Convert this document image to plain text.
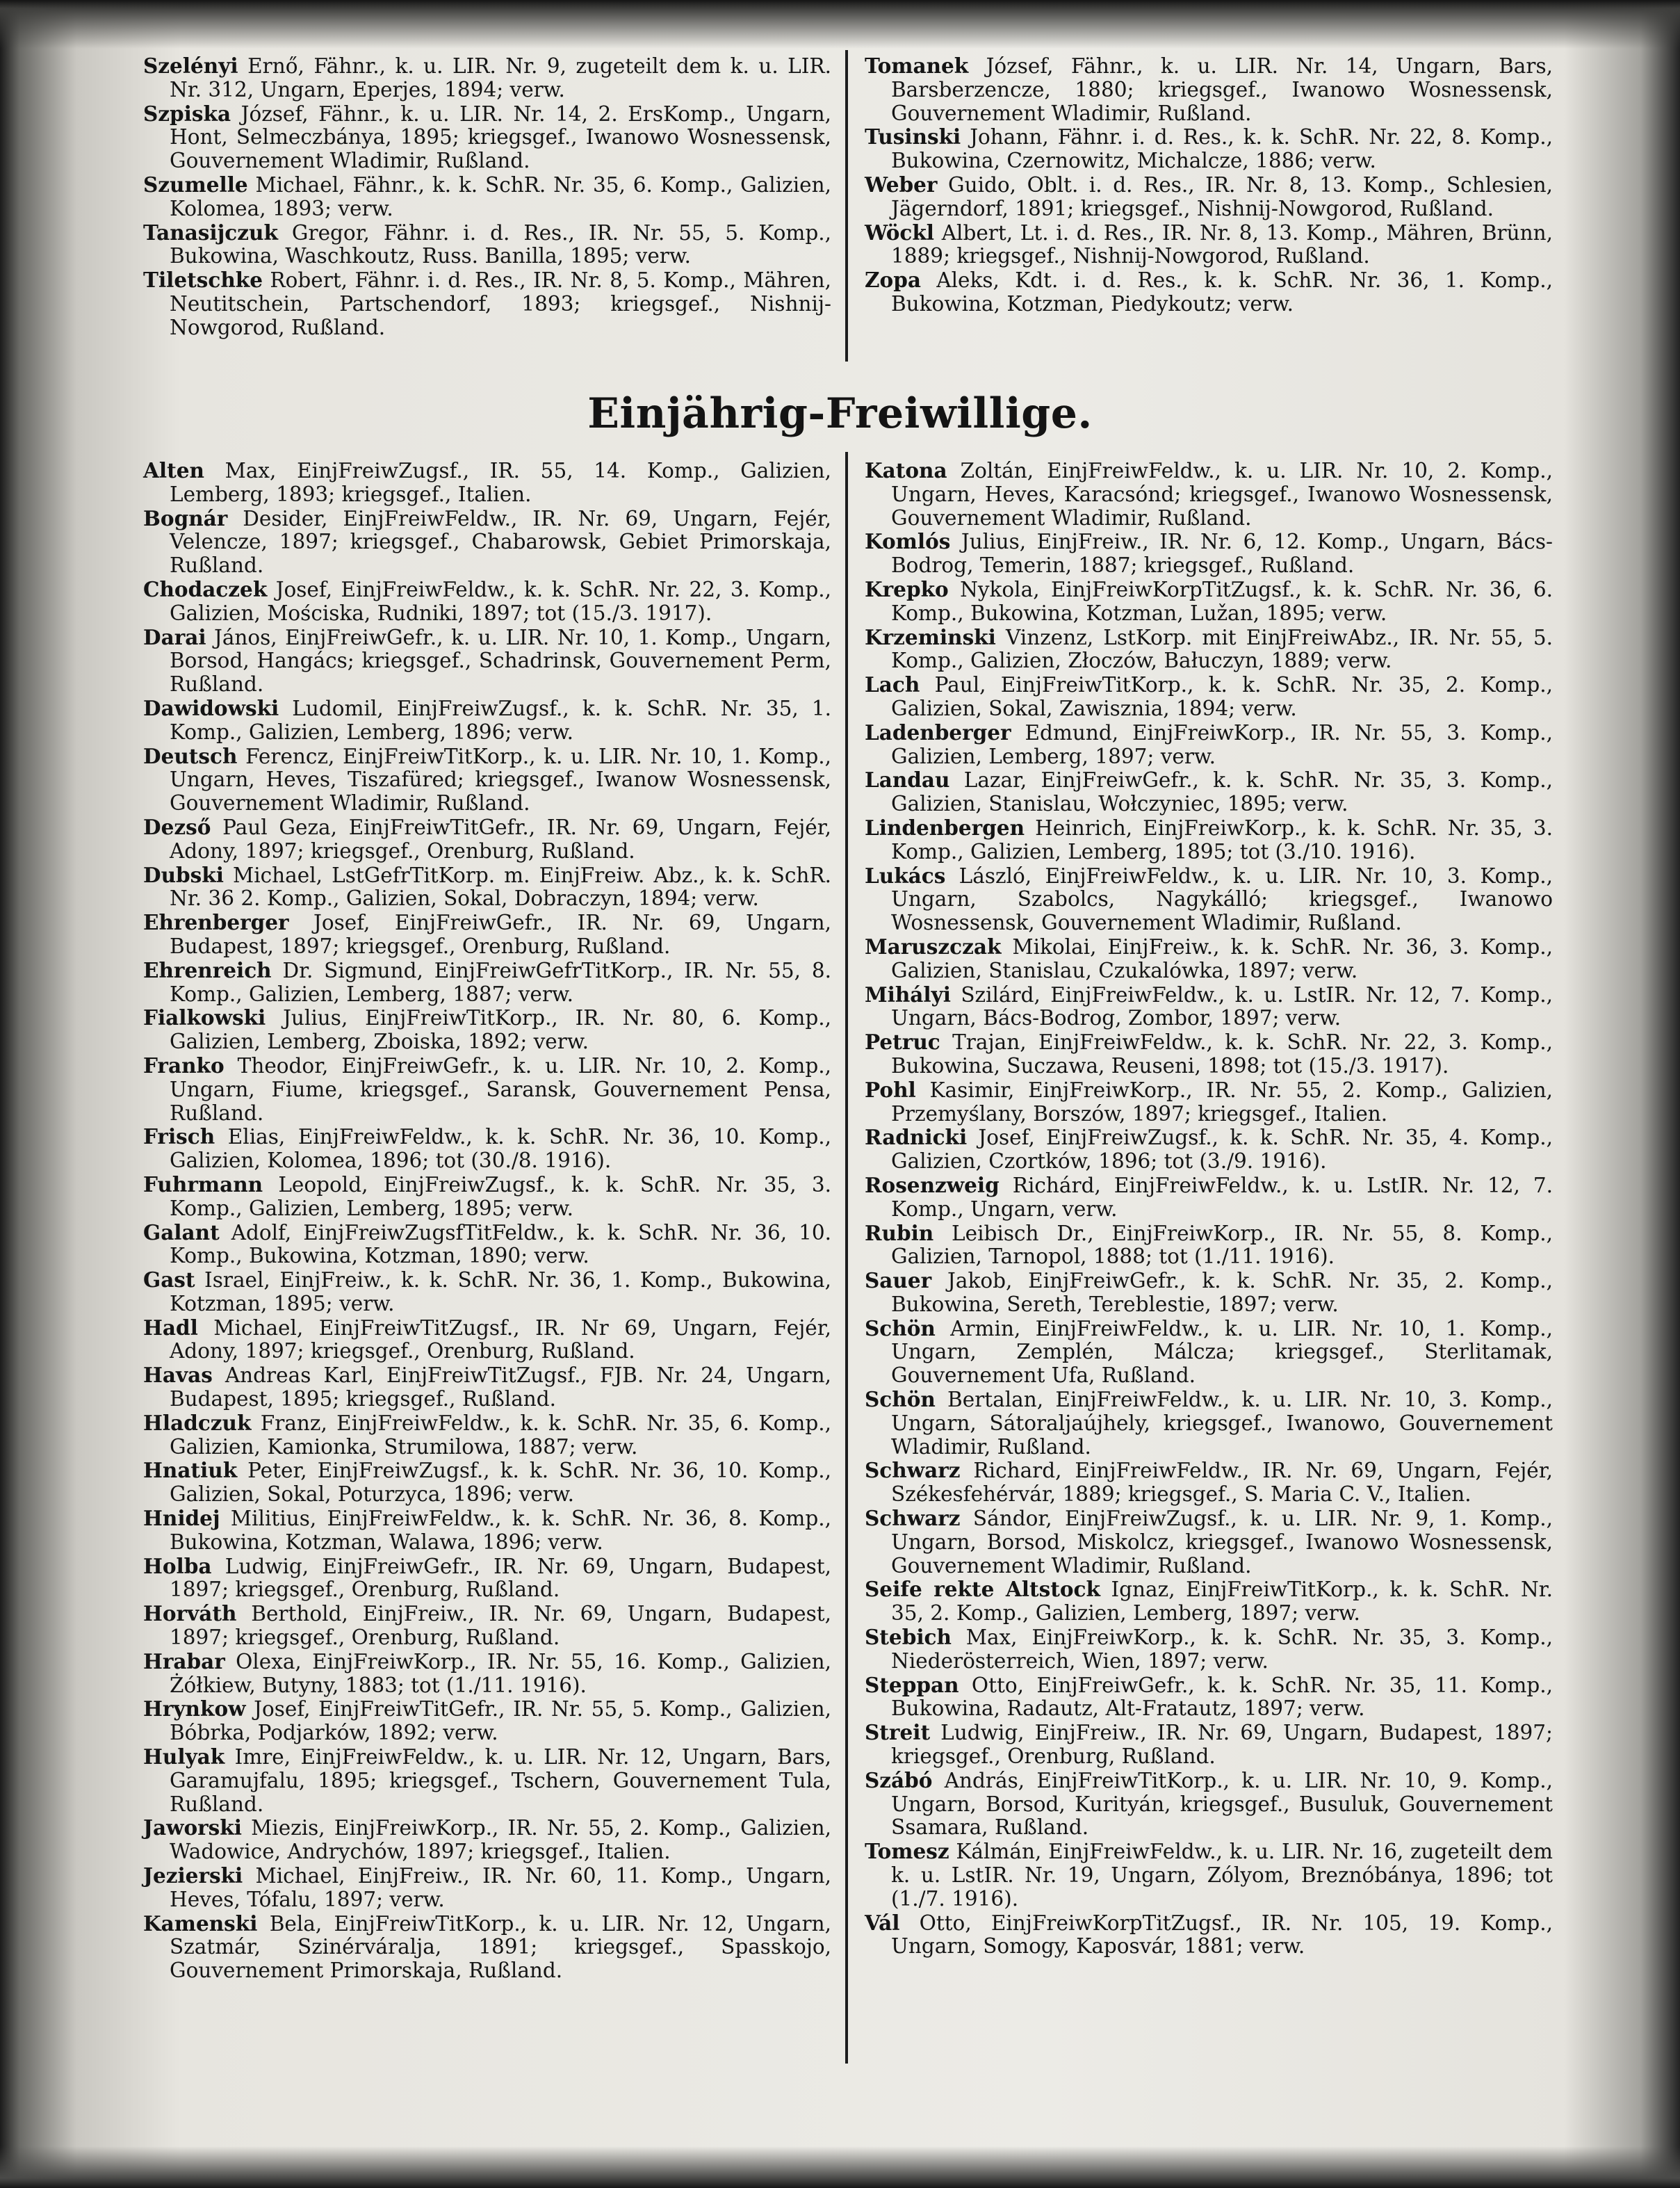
Szelényi Ernő, Fähnr., k. u. LIR. Nr. 9, zugeteilt dem k. u. LIR. Nr. 312, Ungarn, Eperjes, 1894; verw.

Szpiska József, Fähnr., k. u. LIR. Nr. 14, 2. ErsKomp., Ungarn, Hont, Selmeczbánya, 1895; kriegsgef., Iwanowo Wosnessensk, Gouvernement Wladimir, Rußland.

Szumelle Michael, Fähnr., k. k. SchR. Nr. 35, 6. Komp., Galizien, Kolomea, 1893; verw.

Tanasijczuk Gregor, Fähnr. i. d. Res., IR. Nr. 55, 5. Komp., Bukowina, Waschkoutz, Russ. Banilla, 1895; verw.

Tiletschke Robert, Fähnr. i. d. Res., IR. Nr. 8, 5. Komp., Mähren, Neutitschein, Partschendorf, 1893; kriegsgef., Nishnij-Nowgorod, Rußland.

Tomanek József, Fähnr., k. u. LIR. Nr. 14, Ungarn, Bars, Barsberzencze, 1880; kriegsgef., Iwanowo Wosnessensk, Gouvernement Wladimir, Rußland.

Tusinski Johann, Fähnr. i. d. Res., k. k. SchR. Nr. 22, 8. Komp., Bukowina, Czernowitz, Michalcze, 1886; verw.

Weber Guido, Oblt. i. d. Res., IR. Nr. 8, 13. Komp., Schlesien, Jägerndorf, 1891; kriegsgef., Nishnij-Nowgorod, Rußland.

Wöckl Albert, Lt. i. d. Res., IR. Nr. 8, 13. Komp., Mähren, Brünn, 1889; kriegsgef., Nishnij-Nowgorod, Rußland.

Zopa Aleks, Kdt. i. d. Res., k. k. SchR. Nr. 36, 1. Komp., Bukowina, Kotzman, Piedykoutz; verw.

Einjährig-Freiwillige.

Alten Max, EinjFreiwZugsf., IR. 55, 14. Komp., Galizien, Lemberg, 1893; kriegsgef., Italien.

Bognár Desider, EinjFreiwFeldw., IR. Nr. 69, Ungarn, Fejér, Velencze, 1897; kriegsgef., Chabarowsk, Gebiet Primorskaja, Rußland.

Chodaczek Josef, EinjFreiwFeldw., k. k. SchR. Nr. 22, 3. Komp., Galizien, Mościska, Rudniki, 1897; tot (15./3. 1917).

Darai János, EinjFreiwGefr., k. u. LIR. Nr. 10, 1. Komp., Ungarn, Borsod, Hangács; kriegsgef., Schadrinsk, Gouvernement Perm, Rußland.

Dawidowski Ludomil, EinjFreiwZugsf., k. k. SchR. Nr. 35, 1. Komp., Galizien, Lemberg, 1896; verw.

Deutsch Ferencz, EinjFreiwTitKorp., k. u. LIR. Nr. 10, 1. Komp., Ungarn, Heves, Tiszafüred; kriegsgef., Iwanow Wosnessensk, Gouvernement Wladimir, Rußland.

Dezső Paul Geza, EinjFreiwTitGefr., IR. Nr. 69, Ungarn, Fejér, Adony, 1897; kriegsgef., Orenburg, Rußland.

Dubski Michael, LstGefrTitKorp. m. EinjFreiw. Abz., k. k. SchR. Nr. 36 2. Komp., Galizien, Sokal, Dobraczyn, 1894; verw.

Ehrenberger Josef, EinjFreiwGefr., IR. Nr. 69, Ungarn, Budapest, 1897; kriegsgef., Orenburg, Rußland.

Ehrenreich Dr. Sigmund, EinjFreiwGefrTitKorp., IR. Nr. 55, 8. Komp., Galizien, Lemberg, 1887; verw.

Fialkowski Julius, EinjFreiwTitKorp., IR. Nr. 80, 6. Komp., Galizien, Lemberg, Zboiska, 1892; verw.

Franko Theodor, EinjFreiwGefr., k. u. LIR. Nr. 10, 2. Komp., Ungarn, Fiume, kriegsgef., Saransk, Gouvernement Pensa, Rußland.

Frisch Elias, EinjFreiwFeldw., k. k. SchR. Nr. 36, 10. Komp., Galizien, Kolomea, 1896; tot (30./8. 1916).

Fuhrmann Leopold, EinjFreiwZugsf., k. k. SchR. Nr. 35, 3. Komp., Galizien, Lemberg, 1895; verw.

Galant Adolf, EinjFreiwZugsfTitFeldw., k. k. SchR. Nr. 36, 10. Komp., Bukowina, Kotzman, 1890; verw.

Gast Israel, EinjFreiw., k. k. SchR. Nr. 36, 1. Komp., Bukowina, Kotzman, 1895; verw.

Hadl Michael, EinjFreiwTitZugsf., IR. Nr 69, Ungarn, Fejér, Adony, 1897; kriegsgef., Orenburg, Rußland.

Havas Andreas Karl, EinjFreiwTitZugsf., FJB. Nr. 24, Ungarn, Budapest, 1895; kriegsgef., Rußland.

Hladczuk Franz, EinjFreiwFeldw., k. k. SchR. Nr. 35, 6. Komp., Galizien, Kamionka, Strumilowa, 1887; verw.

Hnatiuk Peter, EinjFreiwZugsf., k. k. SchR. Nr. 36, 10. Komp., Galizien, Sokal, Poturzyca, 1896; verw.

Hnidej Militius, EinjFreiwFeldw., k. k. SchR. Nr. 36, 8. Komp., Bukowina, Kotzman, Walawa, 1896; verw.

Holba Ludwig, EinjFreiwGefr., IR. Nr. 69, Ungarn, Budapest, 1897; kriegsgef., Orenburg, Rußland.

Horváth Berthold, EinjFreiw., IR. Nr. 69, Ungarn, Budapest, 1897; kriegsgef., Orenburg, Rußland.

Hrabar Olexa, EinjFreiwKorp., IR. Nr. 55, 16. Komp., Galizien, Żółkiew, Butyny, 1883; tot (1./11. 1916).

Hrynkow Josef, EinjFreiwTitGefr., IR. Nr. 55, 5. Komp., Galizien, Bóbrka, Podjarków, 1892; verw.

Hulyak Imre, EinjFreiwFeldw., k. u. LIR. Nr. 12, Ungarn, Bars, Garamujfalu, 1895; kriegsgef., Tschern, Gouvernement Tula, Rußland.

Jaworski Miezis, EinjFreiwKorp., IR. Nr. 55, 2. Komp., Galizien, Wadowice, Andrychów, 1897; kriegsgef., Italien.

Jezierski Michael, EinjFreiw., IR. Nr. 60, 11. Komp., Ungarn, Heves, Tófalu, 1897; verw.

Kamenski Bela, EinjFreiwTitKorp., k. u. LIR. Nr. 12, Ungarn, Szatmár, Szinérváralja, 1891; kriegsgef., Spasskojo, Gouvernement Primorskaja, Rußland.

Katona Zoltán, EinjFreiwFeldw., k. u. LIR. Nr. 10, 2. Komp., Ungarn, Heves, Karacsónd; kriegsgef., Iwanowo Wosnessensk, Gouvernement Wladimir, Rußland.

Komlós Julius, EinjFreiw., IR. Nr. 6, 12. Komp., Ungarn, Bács-Bodrog, Temerin, 1887; kriegsgef., Rußland.

Krepko Nykola, EinjFreiwKorpTitZugsf., k. k. SchR. Nr. 36, 6. Komp., Bukowina, Kotzman, Lužan, 1895; verw.

Krzeminski Vinzenz, LstKorp. mit EinjFreiwAbz., IR. Nr. 55, 5. Komp., Galizien, Złoczów, Bałuczyn, 1889; verw.

Lach Paul, EinjFreiwTitKorp., k. k. SchR. Nr. 35, 2. Komp., Galizien, Sokal, Zawisznia, 1894; verw.

Ladenberger Edmund, EinjFreiwKorp., IR. Nr. 55, 3. Komp., Galizien, Lemberg, 1897; verw.

Landau Lazar, EinjFreiwGefr., k. k. SchR. Nr. 35, 3. Komp., Galizien, Stanislau, Wołczyniec, 1895; verw.

Lindenbergen Heinrich, EinjFreiwKorp., k. k. SchR. Nr. 35, 3. Komp., Galizien, Lemberg, 1895; tot (3./10. 1916).

Lukács László, EinjFreiwFeldw., k. u. LIR. Nr. 10, 3. Komp., Ungarn, Szabolcs, Nagykálló; kriegsgef., Iwanowo Wosnessensk, Gouvernement Wladimir, Rußland.

Maruszczak Mikolai, EinjFreiw., k. k. SchR. Nr. 36, 3. Komp., Galizien, Stanislau, Czukalówka, 1897; verw.

Mihályi Szilárd, EinjFreiwFeldw., k. u. LstIR. Nr. 12, 7. Komp., Ungarn, Bács-Bodrog, Zombor, 1897; verw.

Petruc Trajan, EinjFreiwFeldw., k. k. SchR. Nr. 22, 3. Komp., Bukowina, Suczawa, Reuseni, 1898; tot (15./3. 1917).

Pohl Kasimir, EinjFreiwKorp., IR. Nr. 55, 2. Komp., Galizien, Przemyślany, Borszów, 1897; kriegsgef., Italien.

Radnicki Josef, EinjFreiwZugsf., k. k. SchR. Nr. 35, 4. Komp., Galizien, Czortków, 1896; tot (3./9. 1916).

Rosenzweig Richárd, EinjFreiwFeldw., k. u. LstIR. Nr. 12, 7. Komp., Ungarn, verw.

Rubin Leibisch Dr., EinjFreiwKorp., IR. Nr. 55, 8. Komp., Galizien, Tarnopol, 1888; tot (1./11. 1916).

Sauer Jakob, EinjFreiwGefr., k. k. SchR. Nr. 35, 2. Komp., Bukowina, Sereth, Tereblestie, 1897; verw.

Schön Armin, EinjFreiwFeldw., k. u. LIR. Nr. 10, 1. Komp., Ungarn, Zemplén, Málcza; kriegsgef., Sterlitamak, Gouvernement Ufa, Rußland.

Schön Bertalan, EinjFreiwFeldw., k. u. LIR. Nr. 10, 3. Komp., Ungarn, Sátoraljaújhely, kriegsgef., Iwanowo, Gouvernement Wladimir, Rußland.

Schwarz Richard, EinjFreiwFeldw., IR. Nr. 69, Ungarn, Fejér, Székesfehérvár, 1889; kriegsgef., S. Maria C. V., Italien.

Schwarz Sándor, EinjFreiwZugsf., k. u. LIR. Nr. 9, 1. Komp., Ungarn, Borsod, Miskolcz, kriegsgef., Iwanowo Wosnessensk, Gouvernement Wladimir, Rußland.

Seife rekte Altstock Ignaz, EinjFreiwTitKorp., k. k. SchR. Nr. 35, 2. Komp., Galizien, Lemberg, 1897; verw.

Stebich Max, EinjFreiwKorp., k. k. SchR. Nr. 35, 3. Komp., Niederösterreich, Wien, 1897; verw.

Steppan Otto, EinjFreiwGefr., k. k. SchR. Nr. 35, 11. Komp., Bukowina, Radautz, Alt-Fratautz, 1897; verw.

Streit Ludwig, EinjFreiw., IR. Nr. 69, Ungarn, Budapest, 1897; kriegsgef., Orenburg, Rußland.

Szábó András, EinjFreiwTitKorp., k. u. LIR. Nr. 10, 9. Komp., Ungarn, Borsod, Kurityán, kriegsgef., Busuluk, Gouvernement Ssamara, Rußland.

Tomesz Kálmán, EinjFreiwFeldw., k. u. LIR. Nr. 16, zugeteilt dem k. u. LstIR. Nr. 19, Ungarn, Zólyom, Breznóbánya, 1896; tot (1./7. 1916).

Vál Otto, EinjFreiwKorpTitZugsf., IR. Nr. 105, 19. Komp., Ungarn, Somogy, Kaposvár, 1881; verw.
